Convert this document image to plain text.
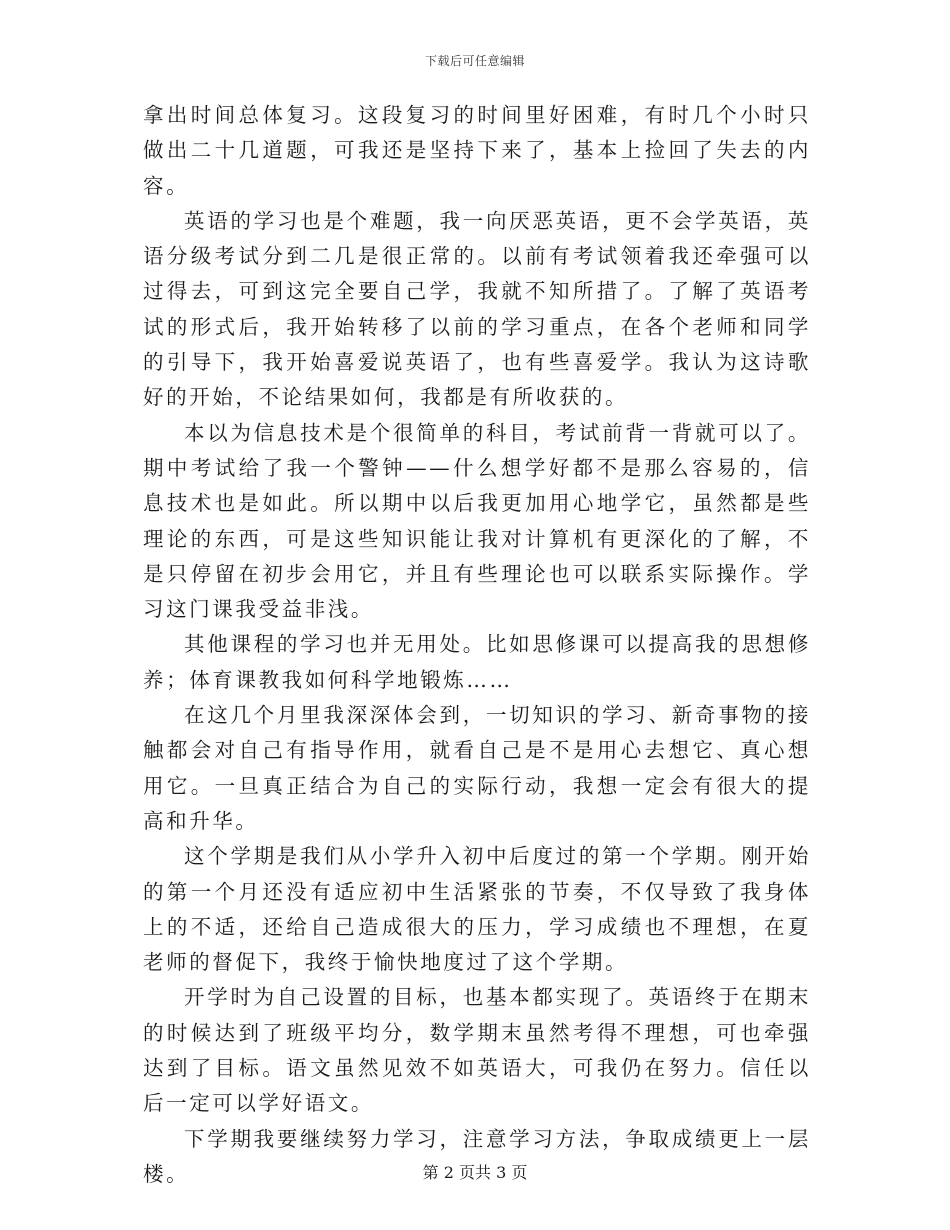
下载后可任意编辑

拿出时间总体复习。这段复习的时间里好困难，有时几个小时只做出二十几道题，可我还是坚持下来了，基本上捡回了失去的内容。

英语的学习也是个难题，我一向厌恶英语，更不会学英语，英语分级考试分到二几是很正常的。以前有考试领着我还牵强可以过得去，可到这完全要自己学，我就不知所措了。了解了英语考试的形式后，我开始转移了以前的学习重点，在各个老师和同学的引导下，我开始喜爱说英语了，也有些喜爱学。我认为这诗歌好的开始，不论结果如何，我都是有所收获的。

本以为信息技术是个很简单的科目，考试前背一背就可以了。期中考试给了我一个警钟——什么想学好都不是那么容易的，信息技术也是如此。所以期中以后我更加用心地学它，虽然都是些理论的东西，可是这些知识能让我对计算机有更深化的了解，不是只停留在初步会用它，并且有些理论也可以联系实际操作。学习这门课我受益非浅。

其他课程的学习也并无用处。比如思修课可以提高我的思想修养；体育课教我如何科学地锻炼……

在这几个月里我深深体会到，一切知识的学习、新奇事物的接触都会对自己有指导作用，就看自己是不是用心去想它、真心想用它。一旦真正结合为自己的实际行动，我想一定会有很大的提高和升华。

这个学期是我们从小学升入初中后度过的第一个学期。刚开始的第一个月还没有适应初中生活紧张的节奏，不仅导致了我身体上的不适，还给自己造成很大的压力，学习成绩也不理想，在夏老师的督促下，我终于愉快地度过了这个学期。

开学时为自己设置的目标，也基本都实现了。英语终于在期末的时候达到了班级平均分，数学期末虽然考得不理想，可也牵强达到了目标。语文虽然见效不如英语大，可我仍在努力。信任以后一定可以学好语文。

下学期我要继续努力学习，注意学习方法，争取成绩更上一层楼。	第 2 页共 3 页
